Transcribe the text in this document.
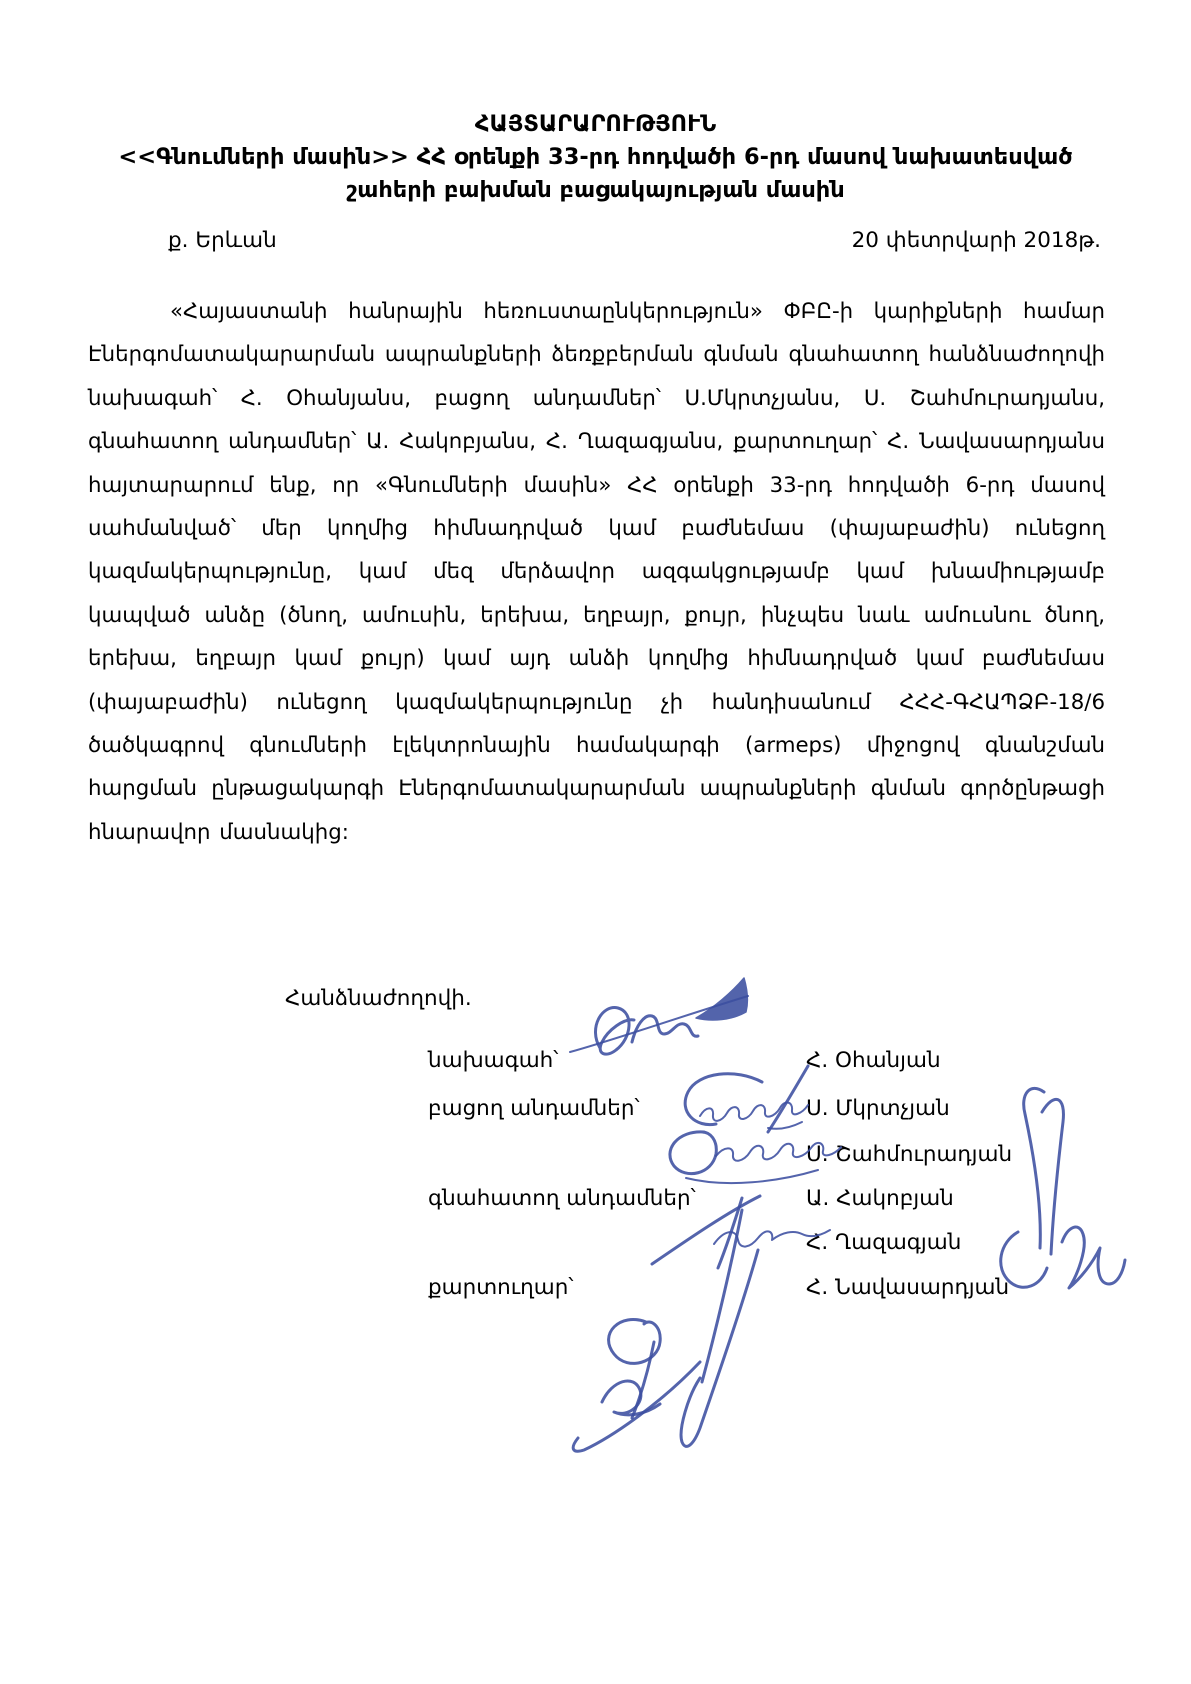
ՀԱՅՏԱՐԱՐՈՒԹՅՈՒՆ
<<Գնումների մասին>> ՀՀ օրենքի 33-րդ հոդվածի 6-րդ մասով նախատեսված
շահերի բախման բացակայության մասին
ք. Երևան	20 փետրվարի 2018թ.
«Հայաստանի հանրային հեռուստաընկերություն» ՓԲԸ-ի կարիքների համար Էներգոմատակարարման ապրանքների ձեռքբերման գնման գնահատող հանձնաժողովի նախագահ՝ Հ. Օհանյանս, բացող անդամներ՝ Ս.Մկրտչյանս, Ս. Շահմուրադյանս, գնահատող անդամներ՝ Ա. Հակոբյանս, Հ. Ղազագյանս, քարտուղար՝ Հ. Նավասարդյանս հայտարարում ենք, որ «Գնումների մասին» ՀՀ օրենքի 33-րդ հոդվածի 6-րդ մասով սահմանված՝ մեր կողմից հիմնադրված կամ բաժնեմաս (փայաբաժին) ունեցող կազմակերպությունը, կամ մեզ մերձավոր ազգակցությամբ կամ խնամիությամբ կապված անձը (ծնող, ամուսին, երեխա, եղբայր, քույր, ինչպես նաև ամուսնու ծնող, երեխա, եղբայր կամ քույր) կամ այդ անձի կողմից հիմնադրված կամ բաժնեմաս (փայաբաժին) ունեցող կազմակերպությունը չի հանդիսանում ՀՀՀ-ԳՀԱՊՁԲ-18/6 ծածկագրով գնումների էլեկտրոնային համակարգի (armeps) միջոցով գնանշման հարցման ընթացակարգի Էներգոմատակարարման ապրանքների գնման գործընթացի հնարավոր մասնակից:
Հանձնաժողովի.
նախագահ՝	Հ. Օհանյան
բացող անդամներ՝	Ս. Մկրտչյան
Ս. Շահմուրադյան
գնահատող անդամներ՝	Ա. Հակոբյան
Հ. Ղազագյան
քարտուղար՝	Հ. Նավասարդյան
